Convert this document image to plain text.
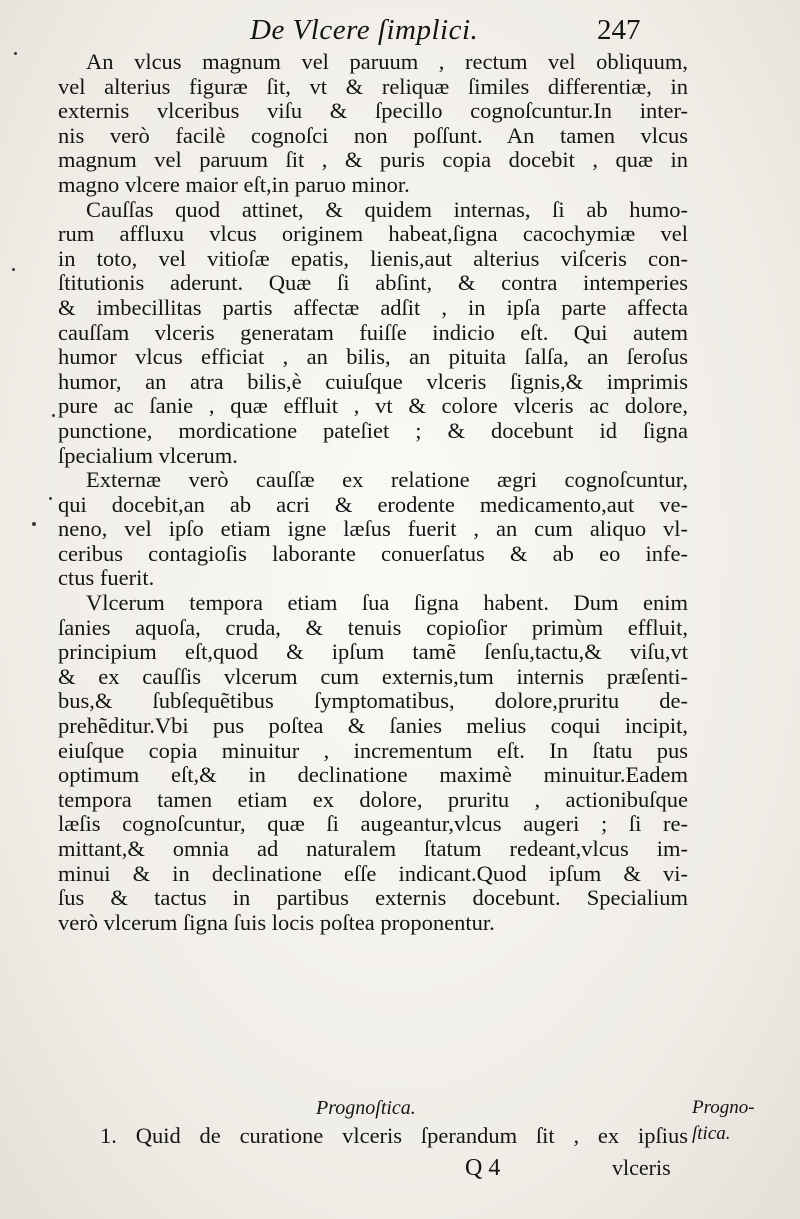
De Vlcere ſimplici.	247
An vlcus magnum vel paruum , rectum vel obliquum,
vel alterius figuræ ſit, vt & reliquæ ſimiles differentiæ, in
externis vlceribus viſu & ſpecillo cognoſcuntur.In inter-
nis verò facilè cognoſci non poſſunt. An tamen vlcus
magnum vel paruum ſit , & puris copia docebit , quæ in
magno vlcere maior eſt,in paruo minor.
Cauſſas quod attinet, & quidem internas, ſi ab humo-
rum affluxu vlcus originem habeat,ſigna cacochymiæ vel
in toto, vel vitioſæ epatis, lienis,aut alterius viſceris con-
ſtitutionis aderunt. Quæ ſi abſint, & contra intemperies
& imbecillitas partis affectæ adſit , in ipſa parte affecta
cauſſam vlceris generatam fuiſſe indicio eſt. Qui autem
humor vlcus efficiat , an bilis, an pituita ſalſa, an ſeroſus
humor, an atra bilis,è cuiuſque vlceris ſignis,& imprimis
pure ac ſanie , quæ effluit , vt & colore vlceris ac dolore,
punctione, mordicatione pateſiet ; & docebunt id ſigna
ſpecialium vlcerum.
Externæ verò cauſſæ ex relatione ægri cognoſcuntur,
qui docebit,an ab acri & erodente medicamento,aut ve-
neno, vel ipſo etiam igne læſus fuerit , an cum aliquo vl-
ceribus contagioſis laborante conuerſatus & ab eo infe-
ctus fuerit.
Vlcerum tempora etiam ſua ſigna habent. Dum enim
ſanies aquoſa, cruda, & tenuis copioſior primùm effluit,
principium eſt,quod & ipſum tamẽ ſenſu,tactu,& viſu,vt
& ex cauſſis vlcerum cum externis,tum internis præſenti-
bus,& ſubſequẽtibus ſymptomatibus, dolore,pruritu de-
prehẽditur.Vbi pus poſtea & ſanies melius coqui incipit,
eiuſque copia minuitur , incrementum eſt. In ſtatu pus
optimum eſt,& in declinatione maximè minuitur.Eadem
tempora tamen etiam ex dolore, pruritu , actionibuſque
læſis cognoſcuntur, quæ ſi augeantur,vlcus augeri ; ſi re-
mittant,& omnia ad naturalem ſtatum redeant,vlcus im-
minui & in declinatione eſſe indicant.Quod ipſum & vi-
ſus & tactus in partibus externis docebunt. Specialium
verò vlcerum ſigna ſuis locis poſtea proponentur.
Prognoſtica.
1. Quid de curatione vlceris ſperandum ſit , ex ipſius
Progno-
ſtica.
Q 4	vlceris
